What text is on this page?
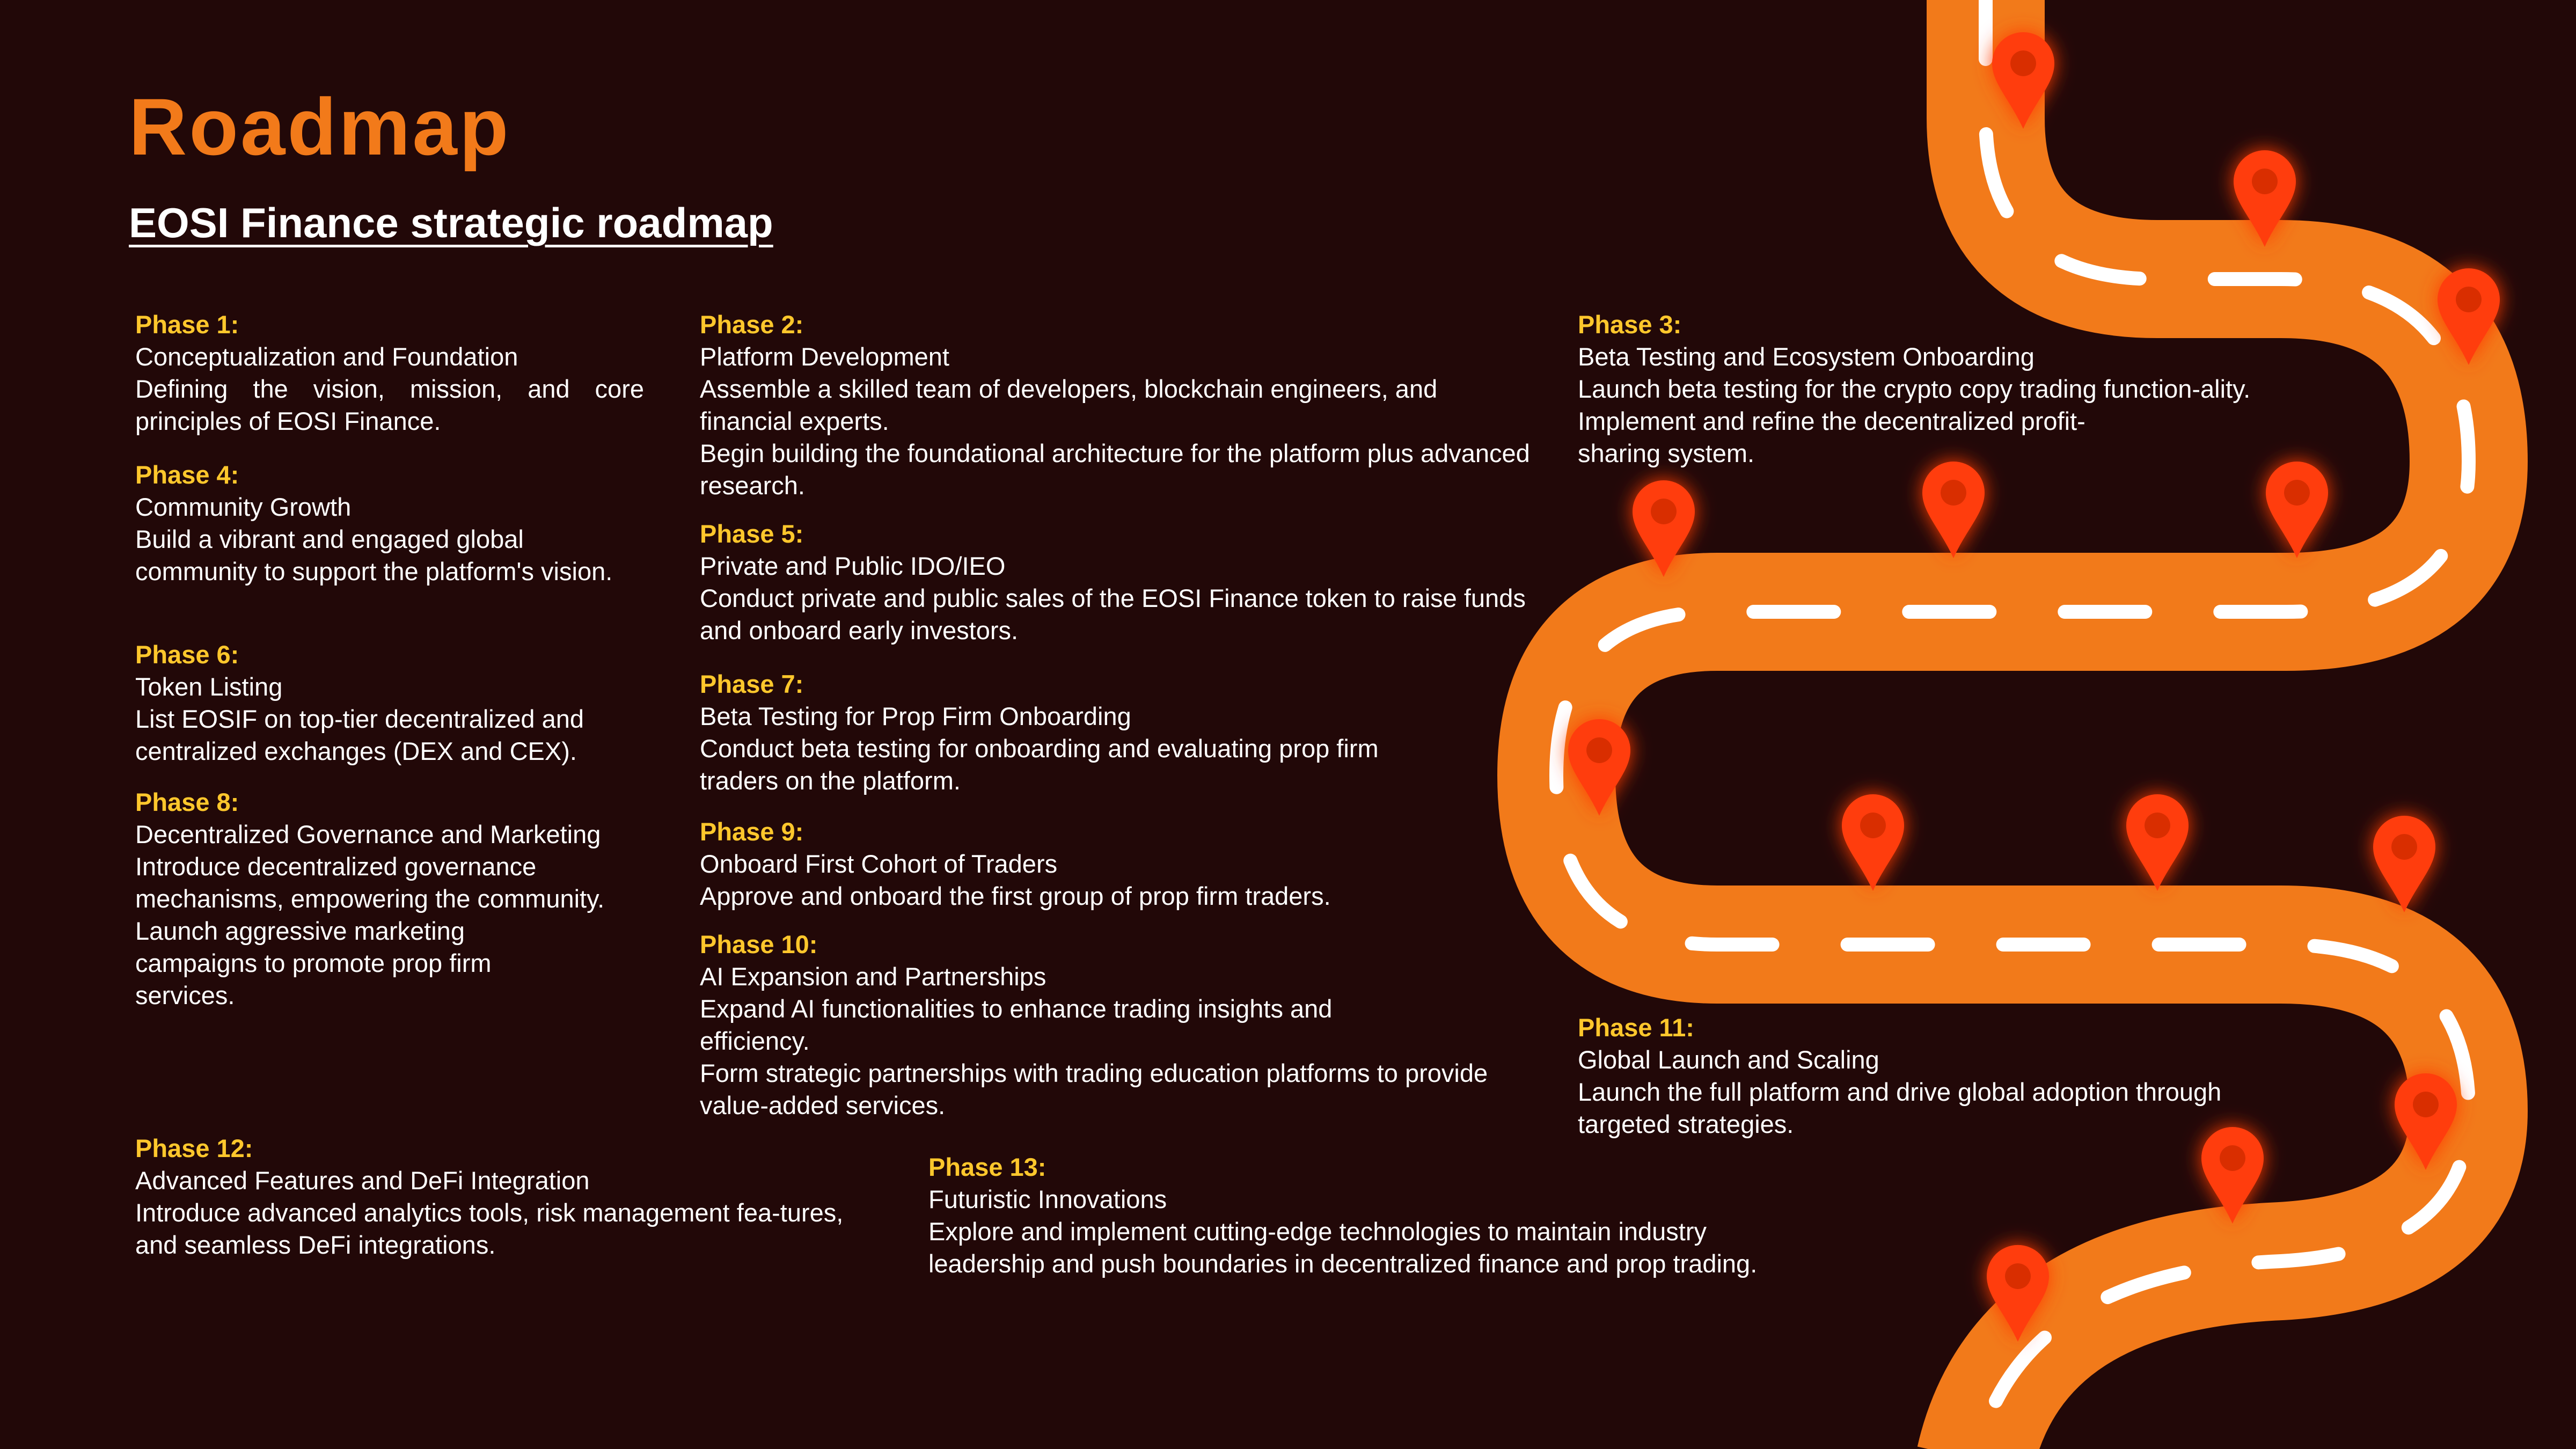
Roadmap
EOSI Finance strategic roadmap
Phase 1:
Conceptualization and Foundation
Defining the vision, mission, and core principles of EOSI Finance.
Phase 2:
Platform Development
Assemble a skilled team of developers, blockchain engineers, and financial experts.
Begin building the foundational architecture for the platform plus advanced research.
Phase 3:
Beta Testing and Ecosystem Onboarding
Launch beta testing for the crypto copy trading function-ality.
Implement and refine the decentralized profit-sharing system.
Phase 4:
Community Growth
Build a vibrant and engaged global community to support the platform's vision.
Phase 5:
Private and Public IDO/IEO
Conduct private and public sales of the EOSI Finance token to raise funds and onboard early investors.
Phase 6:
Token Listing
List EOSIF on top-tier decentralized and centralized exchanges (DEX and CEX).
Phase 7:
Beta Testing for Prop Firm Onboarding
Conduct beta testing for onboarding and evaluating prop firm traders on the platform.
Phase 8:
Decentralized Governance and Marketing
Introduce decentralized governance mechanisms, empowering the community.
Launch aggressive marketing campaigns to promote prop firm services.
Phase 9:
Onboard First Cohort of Traders
Approve and onboard the first group of prop firm traders.
Phase 10:
AI Expansion and Partnerships
Expand AI functionalities to enhance trading insights and efficiency.
Form strategic partnerships with trading education platforms to provide value-added services.
Phase 11:
Global Launch and Scaling
Launch the full platform and drive global adoption through targeted strategies.
Phase 12:
Advanced Features and DeFi Integration
Introduce advanced analytics tools, risk management fea-tures, and seamless DeFi integrations.
Phase 13:
Futuristic Innovations
Explore and implement cutting-edge technologies to maintain industry leadership and push boundaries in decentralized finance and prop trading.
